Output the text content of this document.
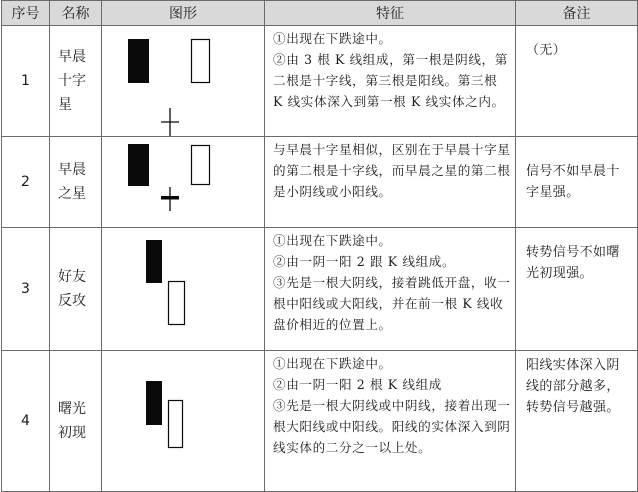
序号	名称	图形	特征	备注
1	早晨十字星		①出现在下跌途中。
②由 3 根 K 线组成，第一根是阴线，第二根是十字线，第三根是阳线。第三根 K 线实体深入到第一根 K 线实体之内。	（无）
2	早晨之星		与早晨十字星相似，区别在于早晨十字星的第二根是十字线，而早晨之星的第二根是小阴线或小阳线。	信号不如早晨十字星强。
3	好友反攻		①出现在下跌途中。
②由一阴一阳 2 跟 K 线组成。
③先是一根大阴线，接着跳低开盘，收一根中阳线或大阳线，并在前一根 K 线收盘价相近的位置上。	转势信号不如曙光初现强。
4	曙光初现		①出现在下跌途中。
②由一阴一阳 2 根 K 线组成
③先是一根大阴线或中阴线，接着出现一根大阳线或中阳线。阳线的实体深入到阴线实体的二分之一以上处。	阳线实体深入阴线的部分越多，转势信号越强。
